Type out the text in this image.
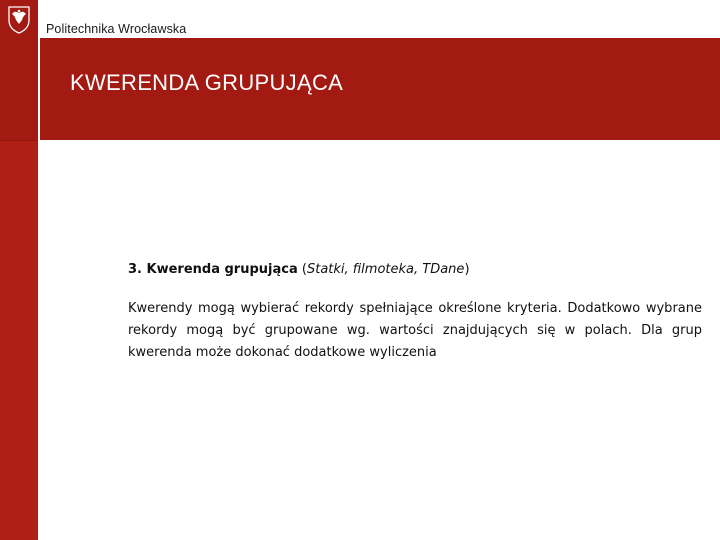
Politechnika Wrocławska
KWERENDA GRUPUJĄCA

3. Kwerenda grupująca (Statki, filmoteka, TDane)

Kwerendy mogą wybierać rekordy spełniające określone kryteria. Dodatkowo wybrane rekordy mogą być grupowane wg. wartości znajdujących się w polach. Dla grup kwerenda może dokonać dodatkowe wyliczenia
